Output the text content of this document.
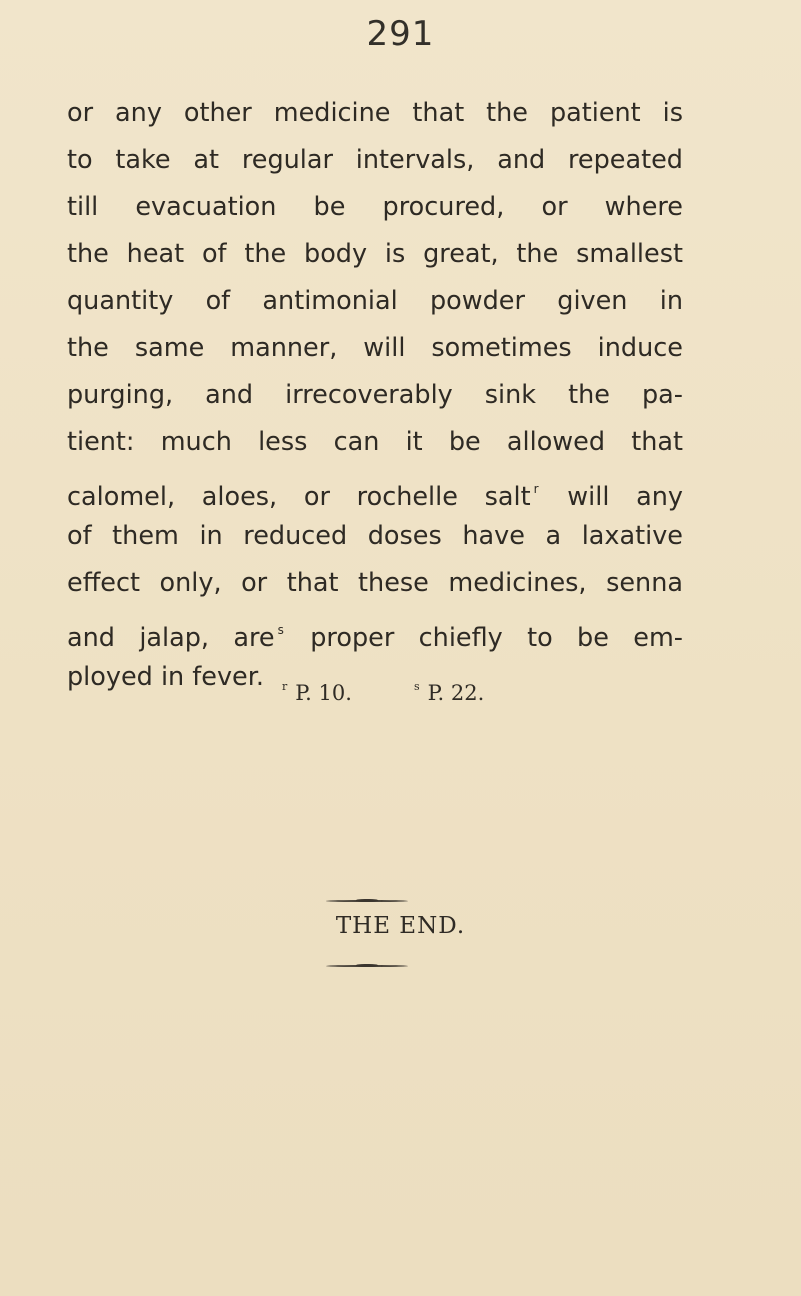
291
or any other medicine that the patient is
to take at regular intervals, and repeated
till evacuation be procured, or where
the heat of the body is great, the smallest
quantity of antimonial powder given in
the same manner, will sometimes induce
purging, and irrecoverably sink the pa-
tient: much less can it be allowed that
calomel, aloes, or rochelle salt $^r$ will any
of them in reduced doses have a laxative
effect only, or that these medicines, senna
and jalap, are $^s$ proper chiefly to be em-
ployed in fever.	$^r$ P. 10.	$^s$ P. 22.
THE END.
